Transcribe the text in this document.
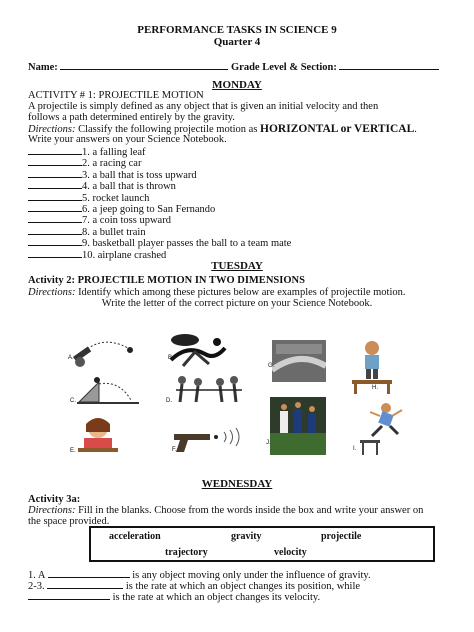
PERFORMANCE TASKS IN SCIENCE 9
Quarter 4
Name:	Grade Level & Section:
MONDAY
ACTIVITY # 1: PROJECTILE MOTION
A projectile is simply defined as any object that is given an initial velocity and then
follows a path determined entirely by the gravity.
Directions: Classify the following projectile motion as HORIZONTAL or VERTICAL.
Write your answers on your Science Notebook.
1. a falling leaf
2. a racing car
3. a ball that is toss upward
4. a ball that is thrown
5. rocket launch
6. a jeep going to San Fernando
7. a coin toss upward
8. a bullet train
9. basketball player passes the ball to a team mate
10. airplane crashed
TUESDAY
Activity 2: PROJECTILE MOTION IN TWO DIMENSIONS
Directions: Identify which among these pictures below are examples of projectile motion.
Write the letter of the correct picture on your Science Notebook.
A.	B.
G.
H.
C.	D.
E.	F.
J.
I.
WEDNESDAY
Activity 3a:
Directions: Fill in the blanks. Choose from the words inside the box and write your answer on
the space provided.
acceleration	gravity	projectile
trajectory	velocity
1. A	is any object moving only under the influence of gravity.
2-3.	is the rate at which an object changes its position, while
is the rate at which an object changes its velocity.
